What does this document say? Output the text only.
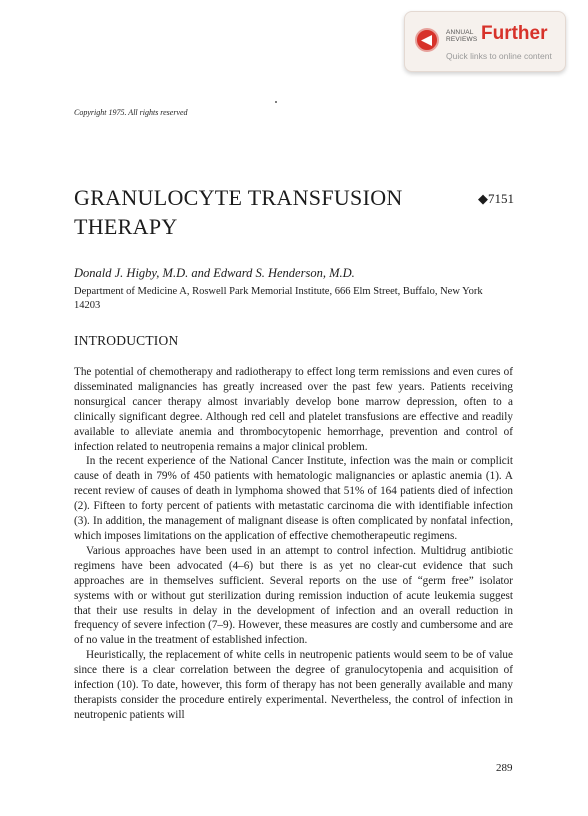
ANNUAL
REVIEWS Further
Quick links to online content
Copyright 1975. All rights reserved
GRANULOCYTE TRANSFUSION THERAPY
◆7151
Donald J. Higby, M.D. and Edward S. Henderson, M.D.
Department of Medicine A, Roswell Park Memorial Institute, 666 Elm Street, Buffalo, New York 14203
INTRODUCTION

The potential of chemotherapy and radiotherapy to effect long term remissions and even cures of disseminated malignancies has greatly increased over the past few years. Patients receiving nonsurgical cancer therapy almost invariably develop bone marrow depression, often to a clinically significant degree. Although red cell and platelet transfusions are effective and readily available to alleviate anemia and thrombocytopenic hemorrhage, prevention and control of infection related to neutropenia remains a major clinical problem.

In the recent experience of the National Cancer Institute, infection was the main or complicit cause of death in 79% of 450 patients with hematologic malignancies or aplastic anemia (1). A recent review of causes of death in lymphoma showed that 51% of 164 patients died of infection (2). Fifteen to forty percent of patients with metastatic carcinoma die with identifiable infection (3). In addition, the management of malignant disease is often complicated by nonfatal infection, which imposes limitations on the application of effective chemotherapeutic regimens.

Various approaches have been used in an attempt to control infection. Multidrug antibiotic regimens have been advocated (4–6) but there is as yet no clear-cut evidence that such approaches are in themselves sufficient. Several reports on the use of “germ free” isolator systems with or without gut sterilization during remission induction of acute leukemia suggest that their use results in delay in the development of infection and an overall reduction in frequency of severe infection (7–9). However, these measures are costly and cumbersome and are of no value in the treatment of established infection.

Heuristically, the replacement of white cells in neutropenic patients would seem to be of value since there is a clear correlation between the degree of granulocytopenia and acquisition of infection (10). To date, however, this form of therapy has not been generally available and many therapists consider the procedure entirely experimental. Nevertheless, the control of infection in neutropenic patients will

289
